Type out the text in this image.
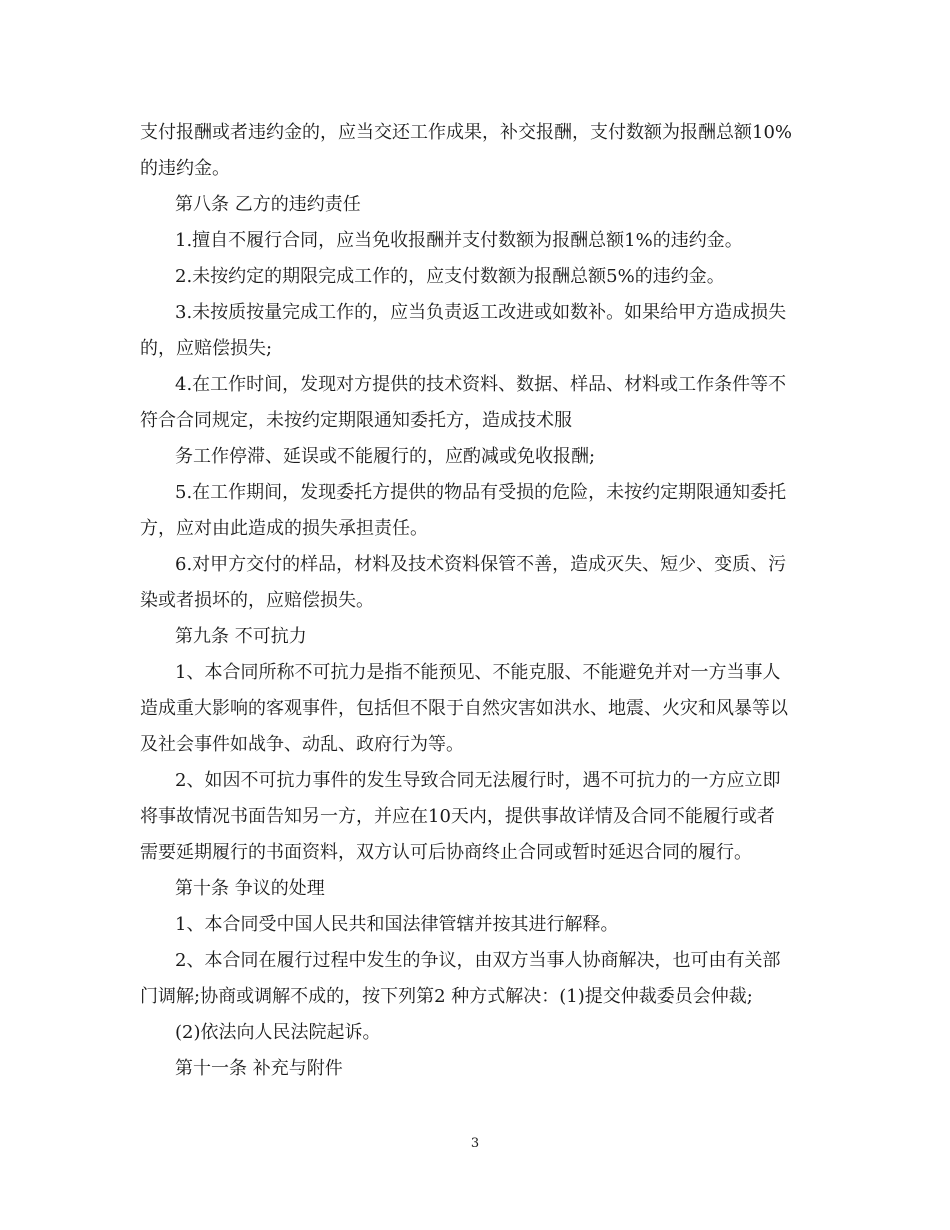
支付报酬或者违约金的，应当交还工作成果，补交报酬，支付数额为报酬总额10%
的违约金。
第八条 乙方的违约责任
1.擅自不履行合同，应当免收报酬并支付数额为报酬总额1%的违约金。
2.未按约定的期限完成工作的，应支付数额为报酬总额5%的违约金。
3.未按质按量完成工作的，应当负责返工改进或如数补。如果给甲方造成损失
的，应赔偿损失;
4.在工作时间，发现对方提供的技术资料、数据、样品、材料或工作条件等不
符合合同规定，未按约定期限通知委托方，造成技术服
务工作停滞、延误或不能履行的，应酌减或免收报酬;
5.在工作期间，发现委托方提供的物品有受损的危险，未按约定期限通知委托
方，应对由此造成的损失承担责任。
6.对甲方交付的样品，材料及技术资料保管不善，造成灭失、短少、变质、污
染或者损坏的，应赔偿损失。
第九条 不可抗力
1、本合同所称不可抗力是指不能预见、不能克服、不能避免并对一方当事人
造成重大影响的客观事件，包括但不限于自然灾害如洪水、地震、火灾和风暴等以
及社会事件如战争、动乱、政府行为等。
2、如因不可抗力事件的发生导致合同无法履行时，遇不可抗力的一方应立即
将事故情况书面告知另一方，并应在10天内，提供事故详情及合同不能履行或者
需要延期履行的书面资料，双方认可后协商终止合同或暂时延迟合同的履行。
第十条 争议的处理
1、本合同受中国人民共和国法律管辖并按其进行解释。
2、本合同在履行过程中发生的争议，由双方当事人协商解决，也可由有关部
门调解;协商或调解不成的，按下列第2 种方式解决：(1)提交仲裁委员会仲裁;
(2)依法向人民法院起诉。
第十一条 补充与附件
3
